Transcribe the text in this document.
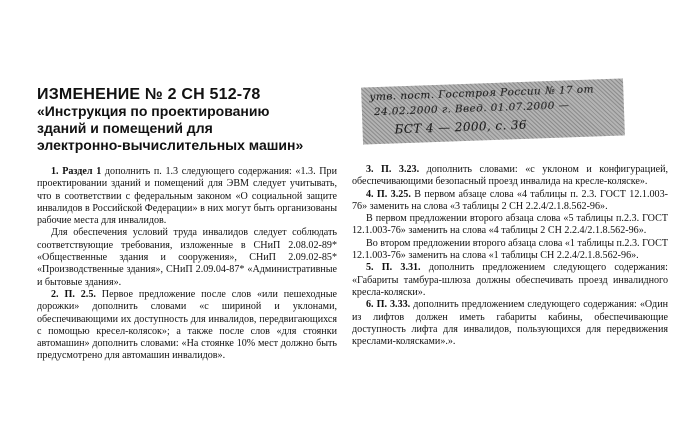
ИЗМЕНЕНИЕ № 2 СН 512-78
«Инструкция по проектированию
зданий и помещений для
электронно-вычислительных машин»
утв. пост. Госстроя России № 17 от
24.02.2000 г. Введ. 01.07.2000 —
БСТ 4 — 2000, с. 36

1. Раздел 1 дополнить п. 1.3 следующего содержания: «1.3. При проектировании зданий и помещений для ЭВМ следует учитывать, что в соответствии с федеральным законом «О социальной защите инвалидов в Российской Федерации» в них могут быть организованы рабочие места для инвалидов.

Для обеспечения условий труда инвалидов следует соблюдать соответствующие требования, изложенные в СНиП 2.08.02-89* «Общественные здания и сооружения», СНиП 2.09.02-85* «Производственные здания», СНиП 2.09.04-87* «Административные и бытовые здания».

2. П. 2.5. Первое предложение после слов «или пешеходные дорожки» дополнить словами «с шириной и уклонами, обеспечивающими их доступность для инвалидов, передвигающихся с помощью кресел-колясок»; а также после слов «для стоянки автомашин» дополнить словами: «На стоянке 10% мест должно быть предусмотрено для автомашин инвалидов».

3. П. 3.23. дополнить словами: «с уклоном и конфигурацией, обеспечивающими безопасный проезд инвалида на кресле-коляске».

4. П. 3.25. В первом абзаце слова «4 таблицы п. 2.3. ГОСТ 12.1.003-76» заменить на слова «3 таблицы 2 СН 2.2.4/2.1.8.562-96».

В первом предложении второго абзаца слова «5 таблицы п.2.3. ГОСТ 12.1.003-76» заменить на слова «4 таблицы 2 СН 2.2.4/2.1.8.562-96».

Во втором предложении второго абзаца слова «1 таблицы п.2.3. ГОСТ 12.1.003-76» заменить на слова «1 таблицы СН 2.2.4/2.1.8.562-96».

5. П. 3.31. дополнить предложением следующего содержания: «Габариты тамбура-шлюза должны обеспечивать проезд инвалидного кресла-коляски».

6. П. 3.33. дополнить предложением следующего содержания: «Один из лифтов должен иметь габариты кабины, обеспечивающие доступность лифта для инвалидов, пользующихся для передвижения креслами-колясками».».
